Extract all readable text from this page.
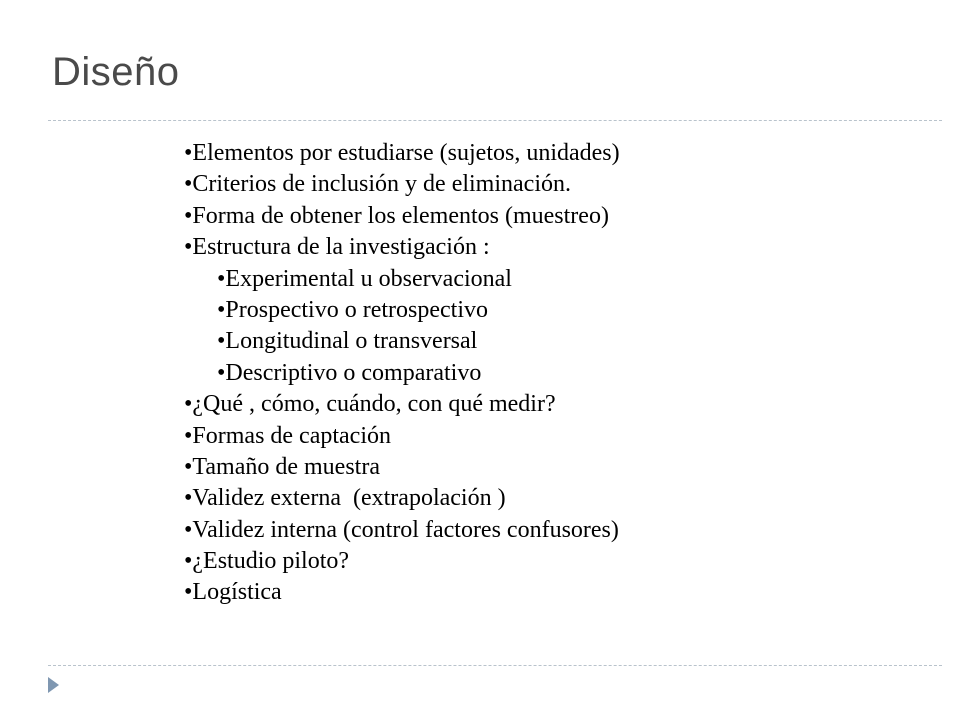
Diseño
•Elementos por estudiarse (sujetos, unidades)
•Criterios de inclusión y de eliminación.
•Forma de obtener los elementos (muestreo)
•Estructura de la investigación :
•Experimental u observacional
•Prospectivo o retrospectivo
•Longitudinal o transversal
•Descriptivo o comparativo
•¿Qué , cómo, cuándo, con qué medir?
•Formas de captación
•Tamaño de muestra
•Validez externa  (extrapolación )
•Validez interna (control factores confusores)
•¿Estudio piloto?
•Logística
